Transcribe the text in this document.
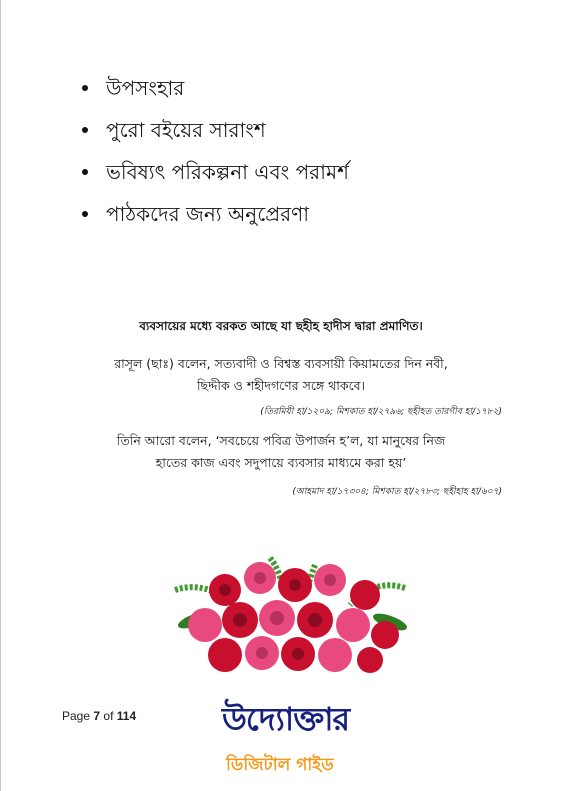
উপসংহার
পুরো বইয়ের সারাংশ
ভবিষ্যৎ পরিকল্পনা এবং পরামর্শ
পাঠকদের জন্য অনুপ্রেরণা
ব্যবসায়ের মধ্যে বরকত আছে যা ছহীহ হাদীস দ্বারা প্রমাণিত।
রাসূল (ছাঃ) বলেন, সত্যবাদী ও বিশ্বস্ত ব্যবসায়ী কিয়ামতের দিন নবী,
ছিদ্দীক ও শহীদগণের সঙ্গে থাকবে।
(তিরমিযী হা/১২০৯; মিশকাত হা/২৭৯৬; ছহীহত তারগীব হা/১৭৮২)
তিনি আরো বলেন, ‘সবচেয়ে পবিত্র উপার্জন হ’ল, যা মানুষের নিজ
হাতের কাজ এবং সদুপায়ে ব্যবসার মাধ্যমে করা হয়’
(আহমাদ হা/১৭৩০৪; মিশকাত হা/২৭৮৩; ছহীহাহ হা/৬০৭)
Page 7 of 114	উদ্যোক্তার
ডিজিটাল গাইড
